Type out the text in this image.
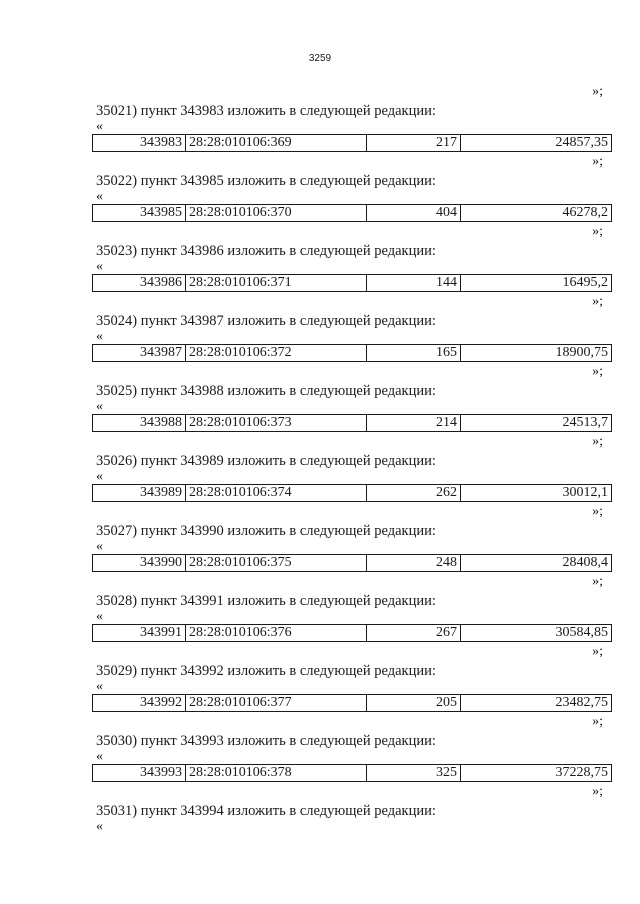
3259
»;
35021) пункт 343983 изложить в следующей редакции:
«
343983	28:28:010106:369	217	24857,35
»;
35022) пункт 343985 изложить в следующей редакции:
«
343985	28:28:010106:370	404	46278,2
»;
35023) пункт 343986 изложить в следующей редакции:
«
343986	28:28:010106:371	144	16495,2
»;
35024) пункт 343987 изложить в следующей редакции:
«
343987	28:28:010106:372	165	18900,75
»;
35025) пункт 343988 изложить в следующей редакции:
«
343988	28:28:010106:373	214	24513,7
»;
35026) пункт 343989 изложить в следующей редакции:
«
343989	28:28:010106:374	262	30012,1
»;
35027) пункт 343990 изложить в следующей редакции:
«
343990	28:28:010106:375	248	28408,4
»;
35028) пункт 343991 изложить в следующей редакции:
«
343991	28:28:010106:376	267	30584,85
»;
35029) пункт 343992 изложить в следующей редакции:
«
343992	28:28:010106:377	205	23482,75
»;
35030) пункт 343993 изложить в следующей редакции:
«
343993	28:28:010106:378	325	37228,75
»;
35031) пункт 343994 изложить в следующей редакции:
«
